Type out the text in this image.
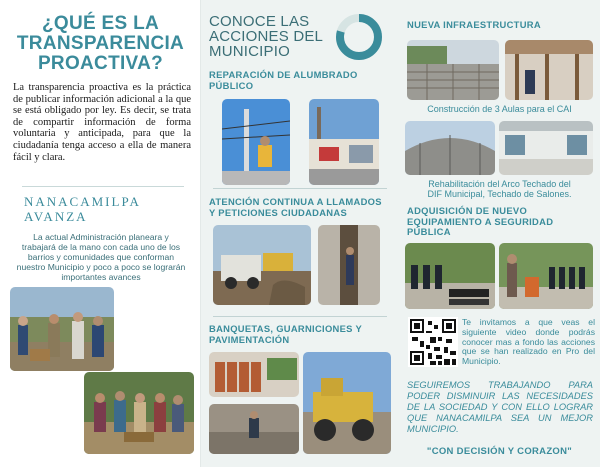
¿QUÉ ES LA
TRANSPARENCIA
PROACTIVA?
La transparencia proactiva es la práctica de publicar información adicional a la que se está obligado por ley. Es decir, se trata de compartir información de forma voluntaria y anticipada, para que la ciudadanía tenga acceso a ella de manera fácil y clara.
NANACAMILPA
AVANZA
La actual Administración planeara y trabajará de la mano con cada uno de los barrios y comunidades que conforman nuestro Municipio y poco a poco se lograrán importantes avances
CONOCE LAS
ACCIONES DEL
MUNICIPIO
REPARACIÓN DE ALUMBRADO
PÚBLICO
ATENCIÓN CONTINUA A LLAMADOS
Y PETICIONES CIUDADANAS
BANQUETAS, GUARNICIONES Y
PAVIMENTACIÓN
NUEVA INFRAESTRUCTURA
Construcción de 3 Aulas para el CAI
Rehabilitación del Arco Techado del
DIF Municipal, Techado de Salones.
ADQUISICIÓN DE NUEVO
EQUIPAMIENTO A SEGURIDAD
PÚBLICA
Te invitamos a que veas el siguiente video donde podrás conocer mas a fondo las acciones que se han realizado en Pro del Municipio.
SEGUIREMOS TRABAJANDO PARA PODER DISMINUIR LAS NECESIDADES DE LA SOCIEDAD Y CON ELLO LOGRAR QUE NANACAMILPA SEA UN MEJOR MUNICIPIO.
"CON DECISIÓN Y CORAZON"
